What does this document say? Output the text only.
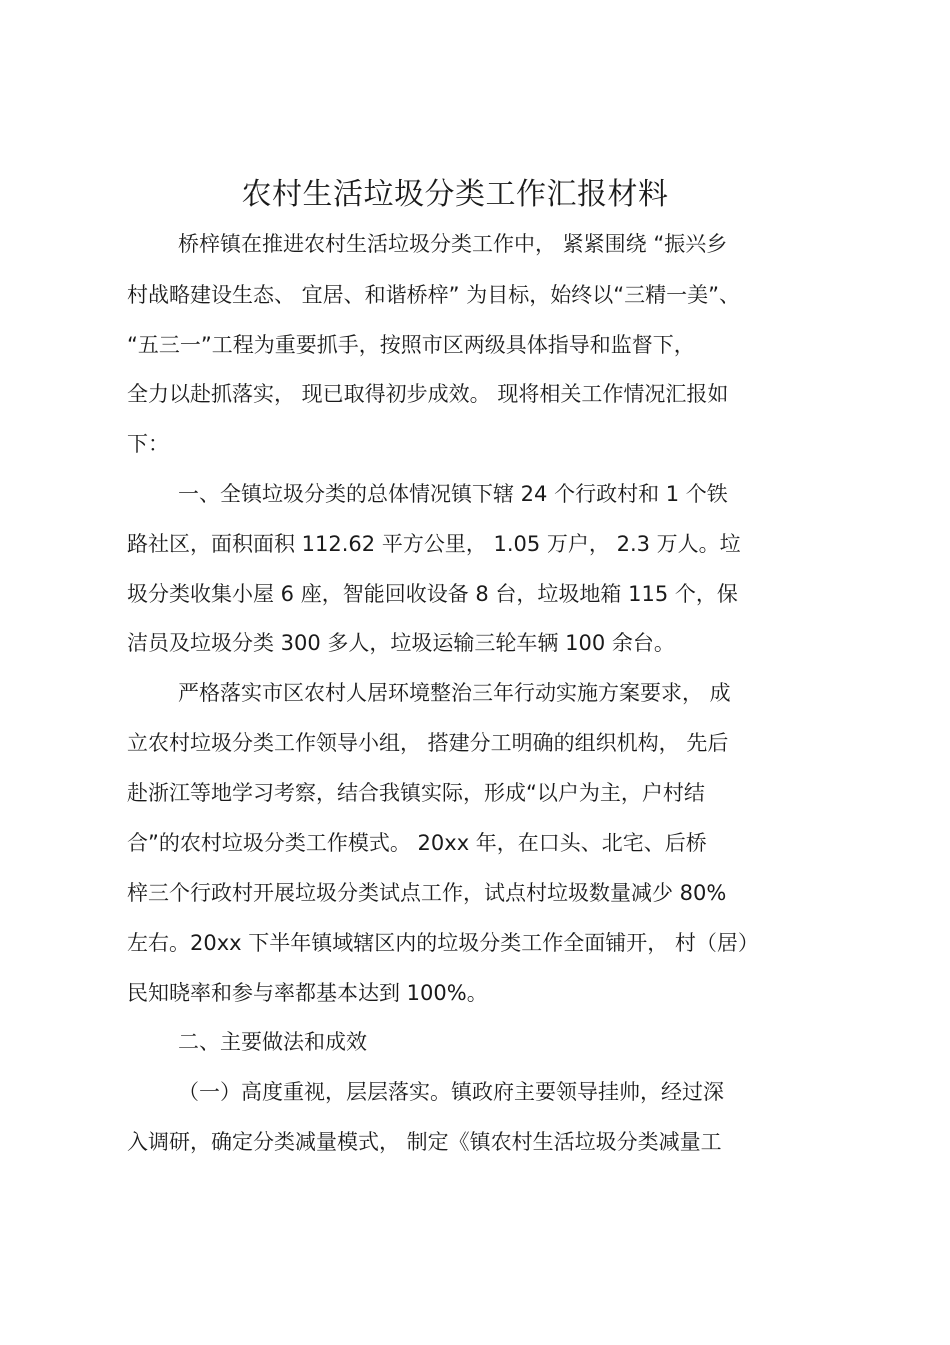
农村生活垃圾分类工作汇报材料
桥梓镇在推进农村生活垃圾分类工作中， 紧紧围绕 “振兴乡
村战略建设生态、 宜居、和谐桥梓” 为目标，始终以“三精一美”、
“五三一”工程为重要抓手，按照市区两级具体指导和监督下，
全力以赴抓落实， 现已取得初步成效。 现将相关工作情况汇报如
下：
一、全镇垃圾分类的总体情况镇下辖 24 个行政村和 1 个铁
路社区，面积面积 112.62 平方公里， 1.05 万户， 2.3 万人。垃
圾分类收集小屋 6 座，智能回收设备 8 台，垃圾地箱 115 个，保
洁员及垃圾分类 300 多人，垃圾运输三轮车辆 100 余台。
严格落实市区农村人居环境整治三年行动实施方案要求， 成
立农村垃圾分类工作领导小组， 搭建分工明确的组织机构， 先后
赴浙江等地学习考察，结合我镇实际，形成“以户为主，户村结
合”的农村垃圾分类工作模式。 20xx 年，在口头、北宅、后桥
梓三个行政村开展垃圾分类试点工作，试点村垃圾数量减少 80%
左右。20xx 下半年镇域辖区内的垃圾分类工作全面铺开， 村（居）
民知晓率和参与率都基本达到 100%。
二、主要做法和成效
（一）高度重视，层层落实。镇政府主要领导挂帅，经过深
入调研，确定分类减量模式， 制定《镇农村生活垃圾分类减量工
